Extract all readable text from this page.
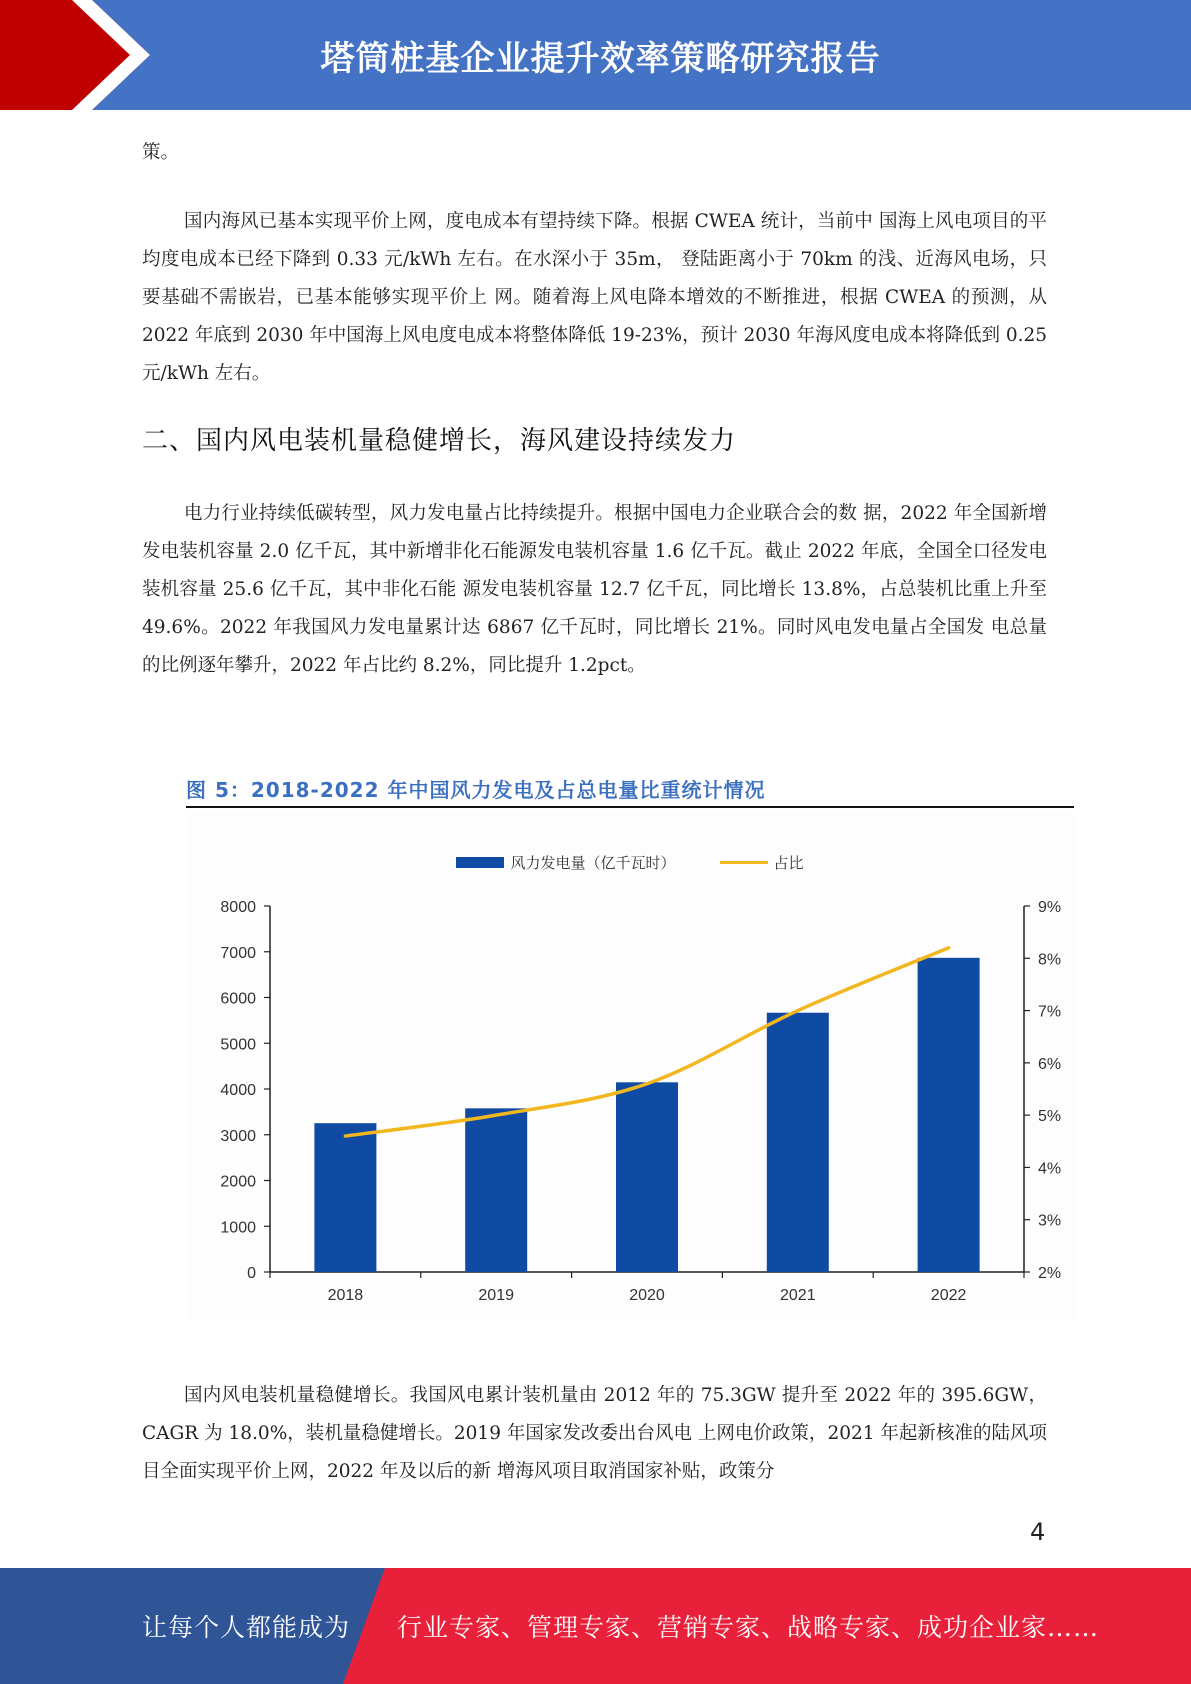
塔筒桩基企业提升效率策略研究报告

策。

国内海风已基本实现平价上网，度电成本有望持续下降。根据 CWEA 统计，当前中 国海上风电项目的平均度电成本已经下降到 0.33 元/kWh 左右。在水深小于 35m， 登陆距离小于 70km 的浅、近海风电场，只要基础不需嵌岩，已基本能够实现平价上 网。随着海上风电降本增效的不断推进，根据 CWEA 的预测，从 2022 年底到 2030 年中国海上风电度电成本将整体降低 19-23%，预计 2030 年海风度电成本将降低到 0.25 元/kWh 左右。

二、国内风电装机量稳健增长，海风建设持续发力

电力行业持续低碳转型，风力发电量占比持续提升。根据中国电力企业联合会的数 据，2022 年全国新增发电装机容量 2.0 亿千瓦，其中新增非化石能源发电装机容量 1.6 亿千瓦。截止 2022 年底，全国全口径发电装机容量 25.6 亿千瓦，其中非化石能 源发电装机容量 12.7 亿千瓦，同比增长 13.8%，占总装机比重上升至 49.6%。2022 年我国风力发电量累计达 6867 亿千瓦时，同比增长 21%。同时风电发电量占全国发 电总量的比例逐年攀升，2022 年占比约 8.2%，同比提升 1.2pct。

图 5：2018-2022 年中国风力发电及占总电量比重统计情况
风力发电量（亿千瓦时）	占比
0
1000
2000
3000
4000
5000
6000
7000
8000
2%
3%
4%
5%
6%
7%
8%
9%
2018	2019	2020	2021	2022

国内风电装机量稳健增长。我国风电累计装机量由 2012 年的 75.3GW 提升至 2022 年的 395.6GW，CAGR 为 18.0%，装机量稳健增长。2019 年国家发改委出台风电 上网电价政策，2021 年起新核准的陆风项目全面实现平价上网，2022 年及以后的新 增海风项目取消国家补贴，政策分

4
让每个人都能成为 行业专家、管理专家、营销专家、战略专家、成功企业家……
